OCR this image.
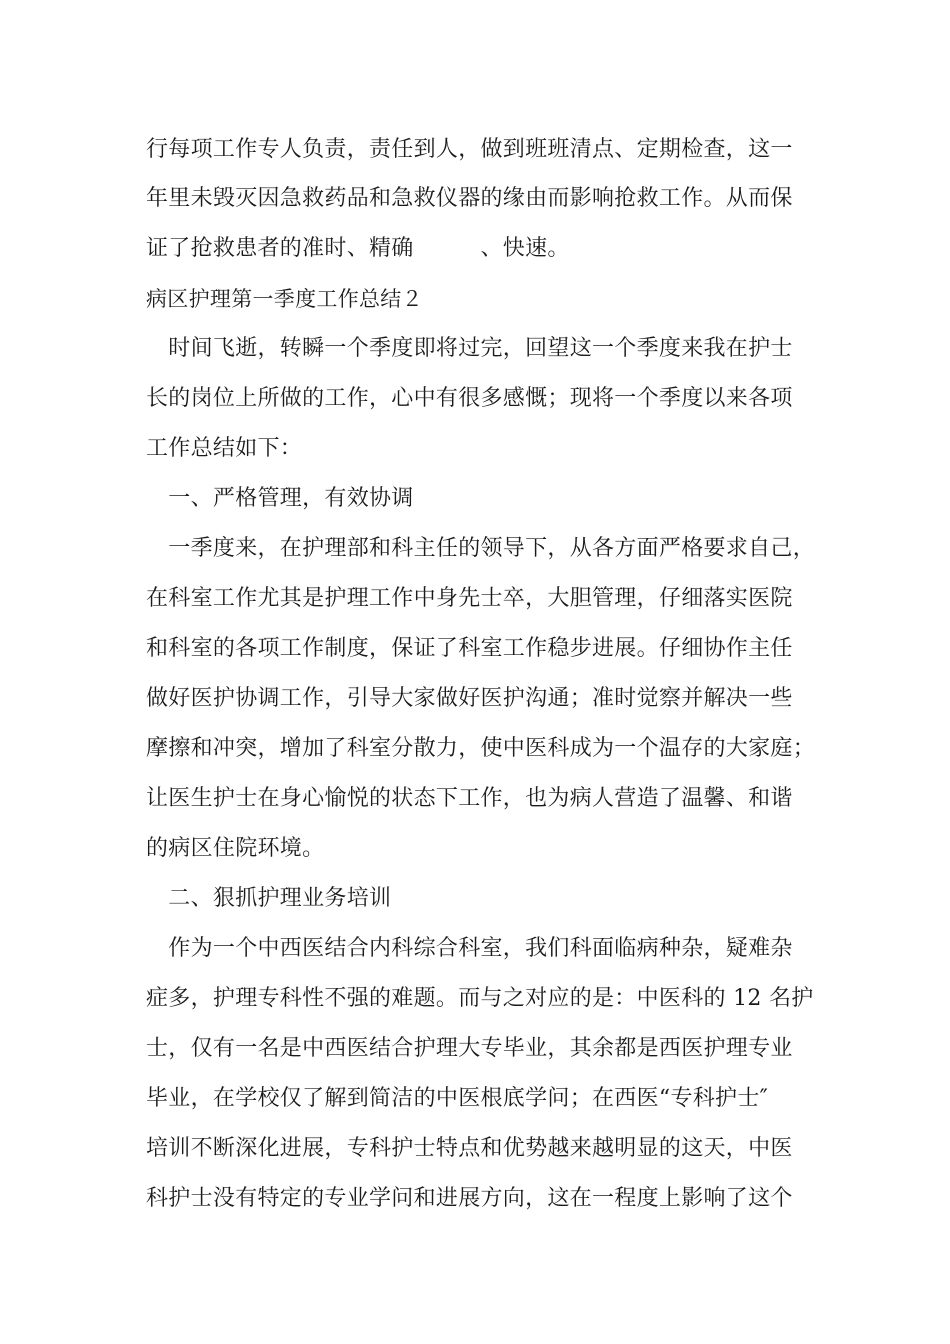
行每项工作专人负责，责任到人，做到班班清点、定期检查，这一
年里未毁灭因急救药品和急救仪器的缘由而影响抢救工作。从而保
证了抢救患者的准时、精确　　　、快速。
病区护理第一季度工作总结２
　时间飞逝，转瞬一个季度即将过完，回望这一个季度来我在护士
长的岗位上所做的工作，心中有很多感慨；现将一个季度以来各项
工作总结如下：
　一、严格管理，有效协调
　一季度来，在护理部和科主任的领导下，从各方面严格要求自己，
在科室工作尤其是护理工作中身先士卒，大胆管理，仔细落实医院
和科室的各项工作制度，保证了科室工作稳步进展。仔细协作主任
做好医护协调工作，引导大家做好医护沟通；准时觉察并解决一些
摩擦和冲突，增加了科室分散力，使中医科成为一个温存的大家庭；
让医生护士在身心愉悦的状态下工作，也为病人营造了温馨、和谐
的病区住院环境。
　二、狠抓护理业务培训
　作为一个中西医结合内科综合科室，我们科面临病种杂，疑难杂
症多，护理专科性不强的难题。而与之对应的是：中医科的 12 名护
士，仅有一名是中西医结合护理大专毕业，其余都是西医护理专业
毕业，在学校仅了解到简洁的中医根底学问；在西医“专科护士″
培训不断深化进展，专科护士特点和优势越来越明显的这天，中医
科护士没有特定的专业学问和进展方向，这在一程度上影响了这个
